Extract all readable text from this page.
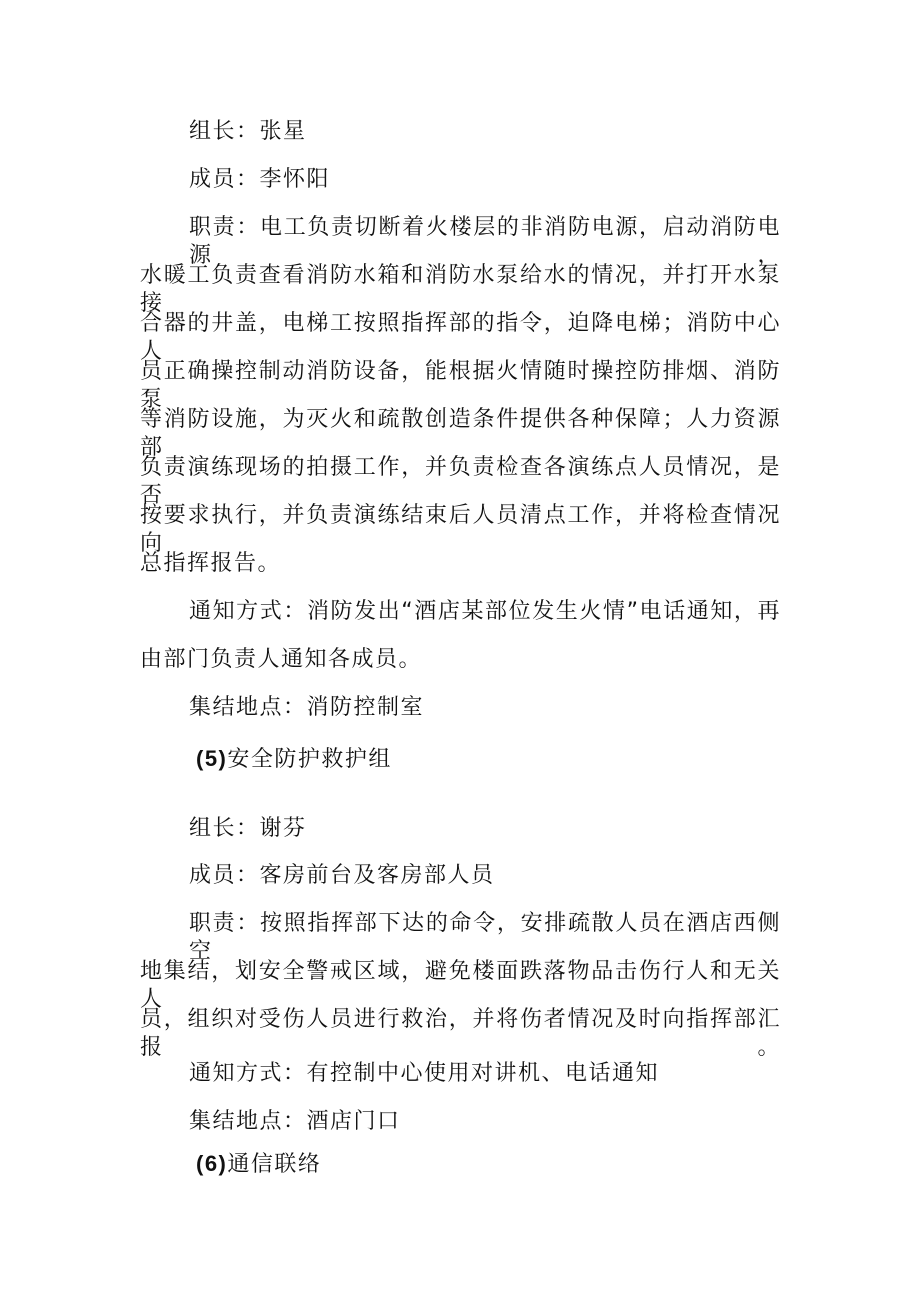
组长：张星
成员：李怀阳
职责：电工负责切断着火楼层的非消防电源，启动消防电源，
水暖工负责查看消防水箱和消防水泵给水的情况，并打开水泵接
合器的井盖，电梯工按照指挥部的指令，迫降电梯；消防中心人
员正确操控制动消防设备，能根据火情随时操控防排烟、消防泵
等消防设施，为灭火和疏散创造条件提供各种保障；人力资源部
负责演练现场的拍摄工作，并负责检查各演练点人员情况，是否
按要求执行，并负责演练结束后人员清点工作，并将检查情况向
总指挥报告。
通知方式：消防发出“酒店某部位发生火情”电话通知，再
由部门负责人通知各成员。
集结地点：消防控制室
(5)安全防护救护组
组长：谢芬
成员：客房前台及客房部人员
职责：按照指挥部下达的命令，安排疏散人员在酒店西侧空
地集结，划安全警戒区域，避免楼面跌落物品击伤行人和无关人
员，组织对受伤人员进行救治，并将伤者情况及时向指挥部汇报。
通知方式：有控制中心使用对讲机、电话通知
集结地点：酒店门口
(6)通信联络
